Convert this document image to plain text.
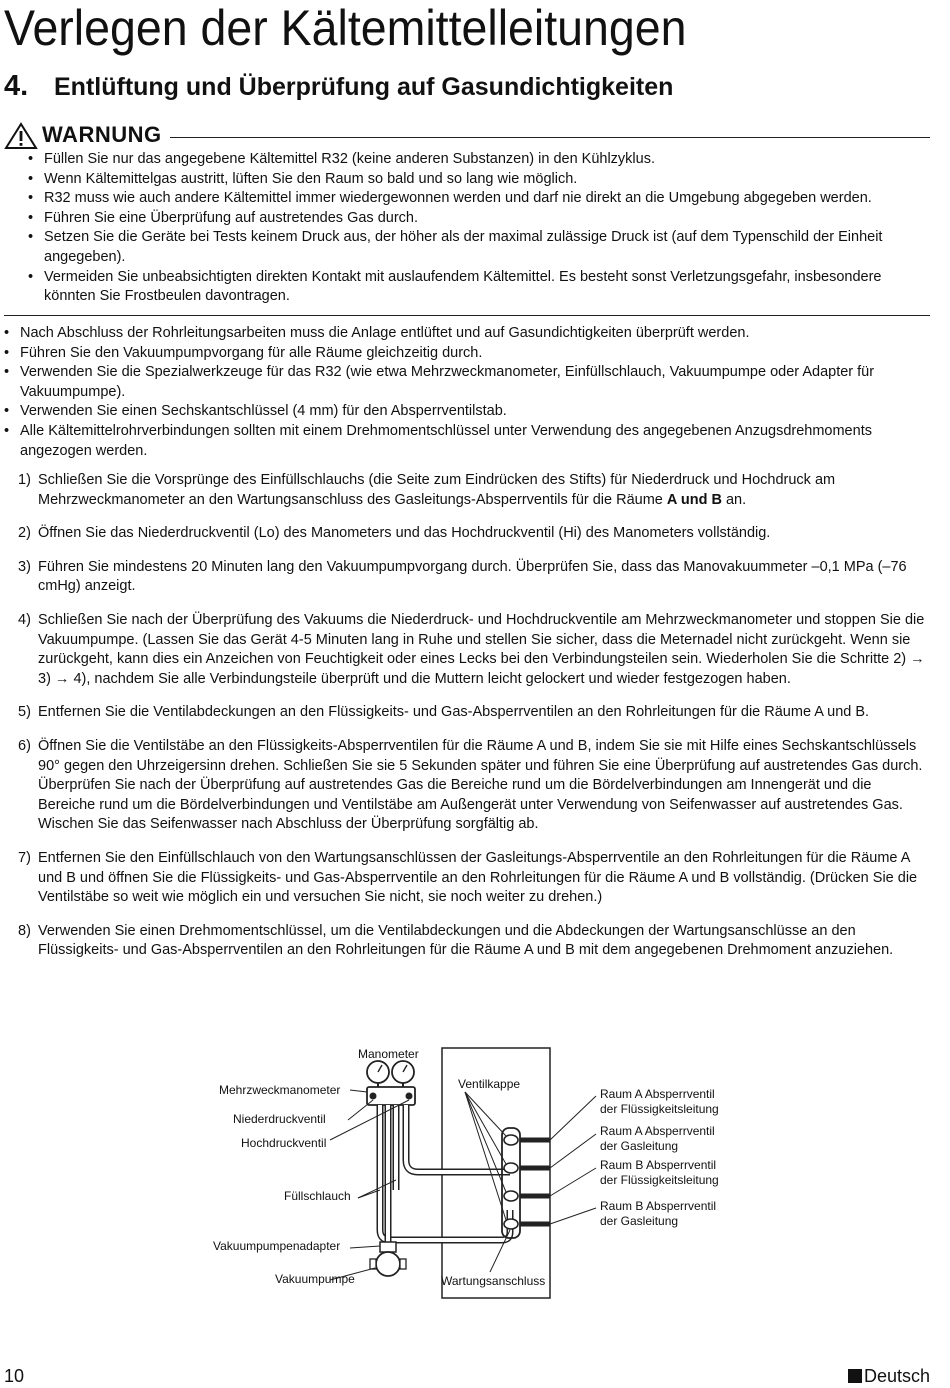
Verlegen der Kältemittelleitungen
4. Entlüftung und Überprüfung auf Gasundichtigkeiten
WARNUNG
• Füllen Sie nur das angegebene Kältemittel R32 (keine anderen Substanzen) in den Kühlzyklus.
• Wenn Kältemittelgas austritt, lüften Sie den Raum so bald und so lang wie möglich.
• R32 muss wie auch andere Kältemittel immer wiedergewonnen werden und darf nie direkt an die Umgebung abgegeben werden.
• Führen Sie eine Überprüfung auf austretendes Gas durch.
• Setzen Sie die Geräte bei Tests keinem Druck aus, der höher als der maximal zulässige Druck ist (auf dem Typenschild der Einheit angegeben).
• Vermeiden Sie unbeabsichtigten direkten Kontakt mit auslaufendem Kältemittel. Es besteht sonst Verletzungsgefahr, insbesondere könnten Sie Frostbeulen davontragen.
• Nach Abschluss der Rohrleitungsarbeiten muss die Anlage entlüftet und auf Gasundichtigkeiten überprüft werden.
• Führen Sie den Vakuumpumpvorgang für alle Räume gleichzeitig durch.
• Verwenden Sie die Spezialwerkzeuge für das R32 (wie etwa Mehrzweckmanometer, Einfüllschlauch, Vakuumpumpe oder Adapter für Vakuumpumpe).
• Verwenden Sie einen Sechskantschlüssel (4 mm) für den Absperrventilstab.
• Alle Kältemittelrohrverbindungen sollten mit einem Drehmomentschlüssel unter Verwendung des angegebenen Anzugsdrehmoments angezogen werden.
1) Schließen Sie die Vorsprünge des Einfüllschlauchs (die Seite zum Eindrücken des Stifts) für Niederdruck und Hochdruck am Mehrzweckmanometer an den Wartungsanschluss des Gasleitungs-Absperrventils für die Räume A und B an.
2) Öffnen Sie das Niederdruckventil (Lo) des Manometers und das Hochdruckventil (Hi) des Manometers vollständig.
3) Führen Sie mindestens 20 Minuten lang den Vakuumpumpvorgang durch. Überprüfen Sie, dass das Manovakuummeter –0,1 MPa (–76 cmHg) anzeigt.
4) Schließen Sie nach der Überprüfung des Vakuums die Niederdruck- und Hochdruckventile am Mehrzweckmanometer und stoppen Sie die Vakuumpumpe. (Lassen Sie das Gerät 4-5 Minuten lang in Ruhe und stellen Sie sicher, dass die Meternadel nicht zurückgeht. Wenn sie zurückgeht, kann dies ein Anzeichen von Feuchtigkeit oder eines Lecks bei den Verbindungsteilen sein. Wiederholen Sie die Schritte 2) → 3) → 4), nachdem Sie alle Verbindungsteile überprüft und die Muttern leicht gelockert und wieder festgezogen haben.
5) Entfernen Sie die Ventilabdeckungen an den Flüssigkeits- und Gas-Absperrventilen an den Rohrleitungen für die Räume A und B.
6) Öffnen Sie die Ventilstäbe an den Flüssigkeits-Absperrventilen für die Räume A und B, indem Sie sie mit Hilfe eines Sechskantschlüssels 90° gegen den Uhrzeigersinn drehen. Schließen Sie sie 5 Sekunden später und führen Sie eine Überprüfung auf austretendes Gas durch.
Überprüfen Sie nach der Überprüfung auf austretendes Gas die Bereiche rund um die Bördelverbindungen am Innengerät und die Bereiche rund um die Bördelverbindungen und Ventilstäbe am Außengerät unter Verwendung von Seifenwasser auf austretendes Gas.
Wischen Sie das Seifenwasser nach Abschluss der Überprüfung sorgfältig ab.
7) Entfernen Sie den Einfüllschlauch von den Wartungsanschlüssen der Gasleitungs-Absperrventile an den Rohrleitungen für die Räume A und B und öffnen Sie die Flüssigkeits- und Gas-Absperrventile an den Rohrleitungen für die Räume A und B vollständig. (Drücken Sie die Ventilstäbe so weit wie möglich ein und versuchen Sie nicht, sie noch weiter zu drehen.)
8) Verwenden Sie einen Drehmomentschlüssel, um die Ventilabdeckungen und die Abdeckungen der Wartungsanschlüsse an den Flüssigkeits- und Gas-Absperrventilen an den Rohrleitungen für die Räume A und B mit dem angegebenen Drehmoment anzuziehen.
Manometer
Mehrzweckmanometer
Niederdruckventil
Hochdruckventil
Füllschlauch
Vakuumpumpenadapter
Vakuumpumpe
Ventilkappe
Wartungsanschluss
Raum A Absperrventil
der Flüssigkeitsleitung
Raum A Absperrventil
der Gasleitung
Raum B Absperrventil
der Flüssigkeitsleitung
Raum B Absperrventil
der Gasleitung
10	Deutsch
